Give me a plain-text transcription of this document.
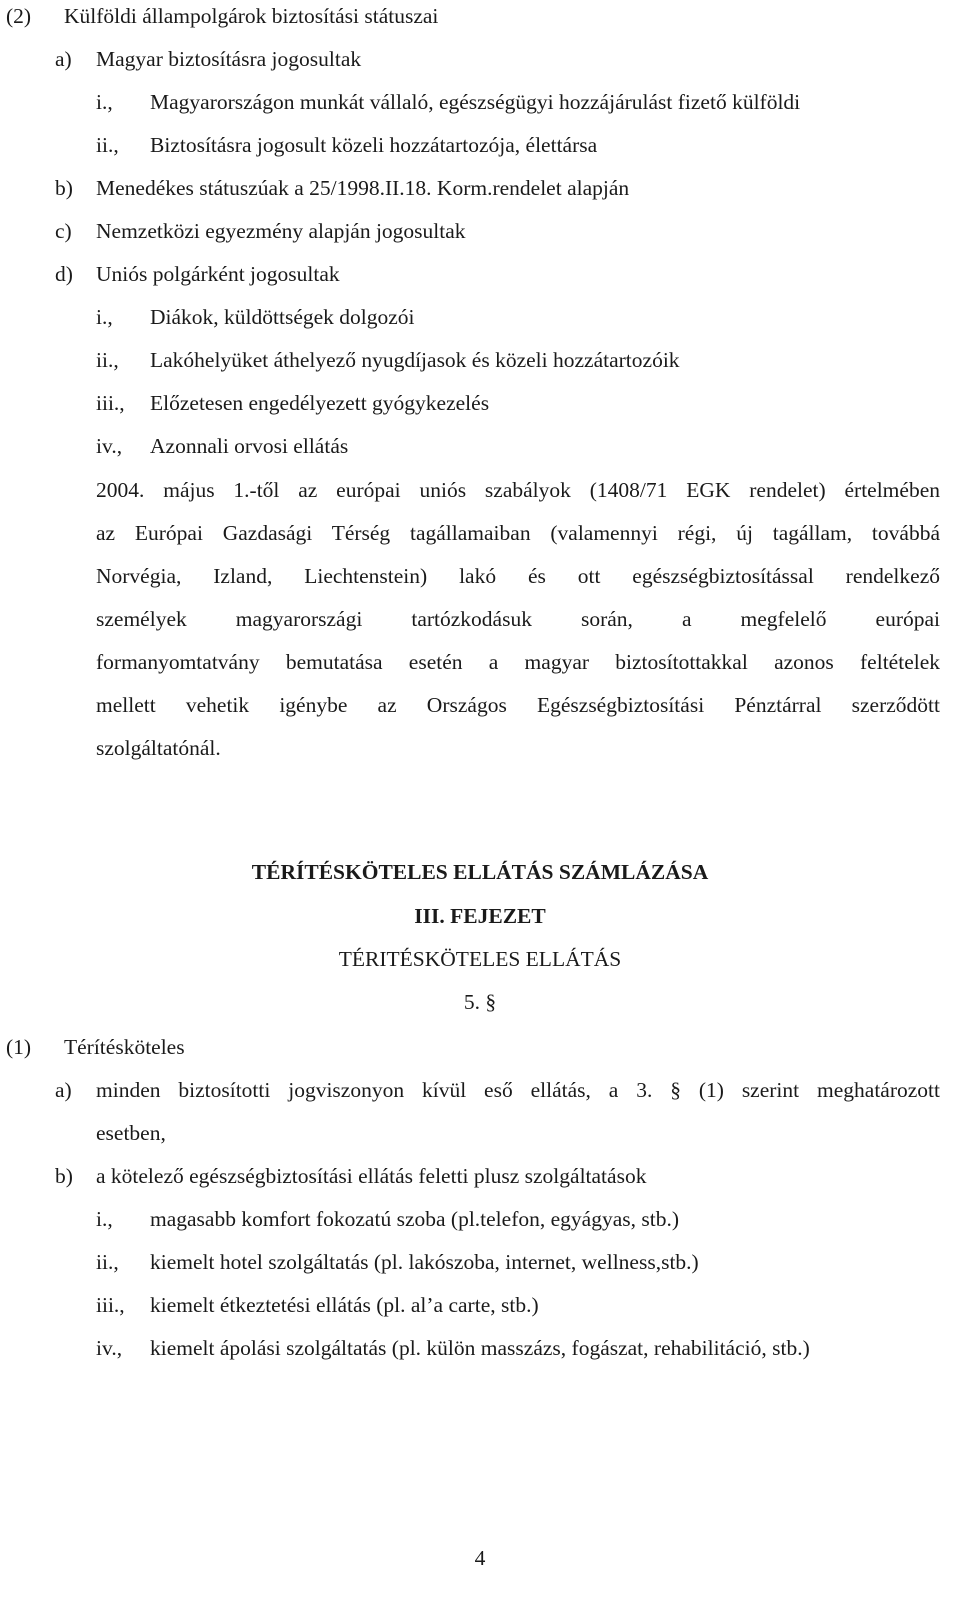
(2) Külföldi állampolgárok biztosítási státuszai
a) Magyar biztosításra jogosultak
i., Magyarországon munkát vállaló, egészségügyi hozzájárulást fizető külföldi
ii., Biztosításra jogosult közeli hozzátartozója, élettársa
b) Menedékes státuszúak a 25/1998.II.18. Korm.rendelet alapján
c) Nemzetközi egyezmény alapján jogosultak
d) Uniós polgárként jogosultak
i., Diákok, küldöttségek dolgozói
ii., Lakóhelyüket áthelyező nyugdíjasok és közeli hozzátartozóik
iii., Előzetesen engedélyezett gyógykezelés
iv., Azonnali orvosi ellátás
2004. május 1.-től az európai uniós szabályok (1408/71 EGK rendelet) értelmében
az Európai Gazdasági Térség tagállamaiban (valamennyi régi, új tagállam, továbbá
Norvégia, Izland, Liechtenstein) lakó és ott egészségbiztosítással rendelkező
személyek magyarországi tartózkodásuk során, a megfelelő európai
formanyomtatvány bemutatása esetén a magyar biztosítottakkal azonos feltételek
mellett vehetik igénybe az Országos Egészségbiztosítási Pénztárral szerződött
szolgáltatónál.
TÉRÍTÉSKÖTELES ELLÁTÁS SZÁMLÁZÁSA
III. FEJEZET
TÉRITÉSKÖTELES ELLÁTÁS
5. §
(1) Térítésköteles
a) minden biztosítotti jogviszonyon kívül eső ellátás, a 3. § (1) szerint meghatározott
esetben,
b) a kötelező egészségbiztosítási ellátás feletti plusz szolgáltatások
i., magasabb komfort fokozatú szoba (pl.telefon, egyágyas, stb.)
ii., kiemelt hotel szolgáltatás (pl. lakószoba, internet, wellness,stb.)
iii., kiemelt étkeztetési ellátás (pl. al’a carte, stb.)
iv., kiemelt ápolási szolgáltatás (pl. külön masszázs, fogászat, rehabilitáció, stb.)
4
